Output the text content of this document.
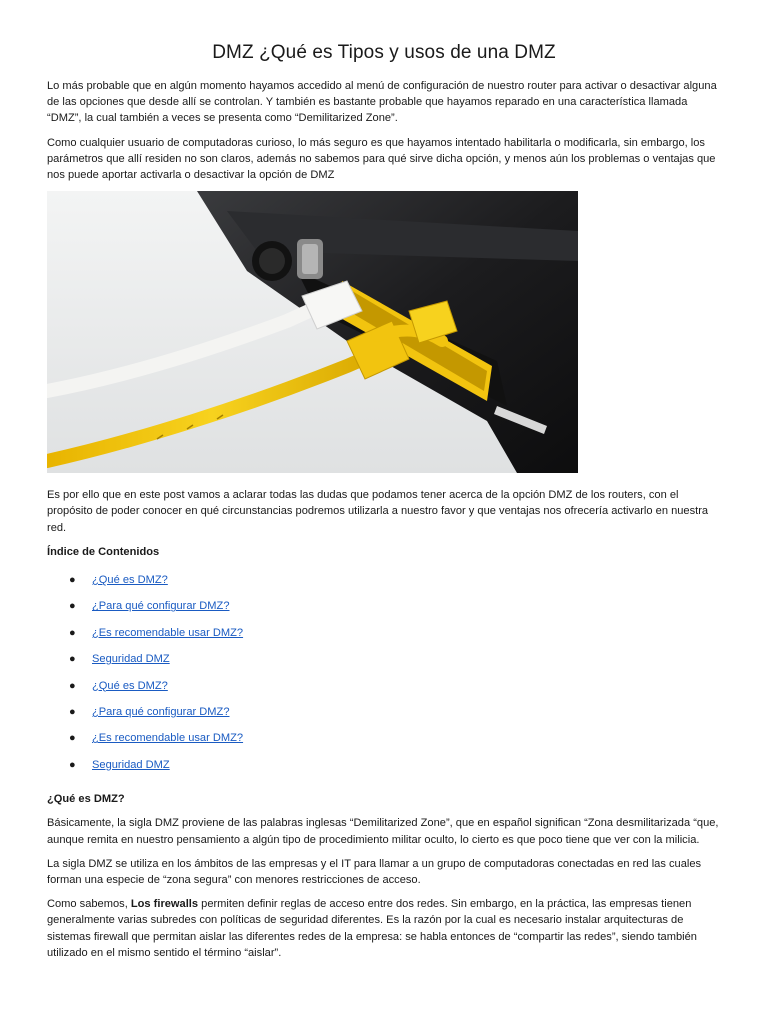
DMZ ¿Qué es Tipos y usos de una DMZ

Lo más probable que en algún momento hayamos accedido al menú de configuración de nuestro router para activar o desactivar alguna de las opciones que desde allí se controlan. Y también es bastante probable que hayamos reparado en una característica llamada “DMZ”, la cual también a veces se presenta como “Demilitarized Zone”.

Como cualquier usuario de computadoras curioso, lo más seguro es que hayamos intentado habilitarla o modificarla, sin embargo, los parámetros que allí residen no son claros, además no sabemos para qué sirve dicha opción, y menos aún los problemas o ventajas que nos puede aportar activarla o desactivar la opción de DMZ

Es por ello que en este post vamos a aclarar todas las dudas que podamos tener acerca de la opción DMZ de los routers, con el propósito de poder conocer en qué circunstancias podremos utilizarla a nuestro favor y que ventajas nos ofrecería activarlo en nuestra red.

Índice de Contenidos

● ¿Qué es DMZ?
● ¿Para qué configurar DMZ?
● ¿Es recomendable usar DMZ?
● Seguridad DMZ
● ¿Qué es DMZ?
● ¿Para qué configurar DMZ?
● ¿Es recomendable usar DMZ?
● Seguridad DMZ

¿Qué es DMZ?

Básicamente, la sigla DMZ proviene de las palabras inglesas “Demilitarized Zone”, que en español significan “Zona desmilitarizada “que, aunque remita en nuestro pensamiento a algún tipo de procedimiento militar oculto, lo cierto es que poco tiene que ver con la milicia.

La sigla DMZ se utiliza en los ámbitos de las empresas y el IT para llamar a un grupo de computadoras conectadas en red las cuales forman una especie de “zona segura” con menores restricciones de acceso.

Como sabemos, Los firewalls permiten definir reglas de acceso entre dos redes. Sin embargo, en la práctica, las empresas tienen generalmente varias subredes con políticas de seguridad diferentes. Es la razón por la cual es necesario instalar arquitecturas de sistemas firewall que permitan aislar las diferentes redes de la empresa: se habla entonces de “compartir las redes”, siendo también utilizado en el mismo sentido el término “aislar”.
